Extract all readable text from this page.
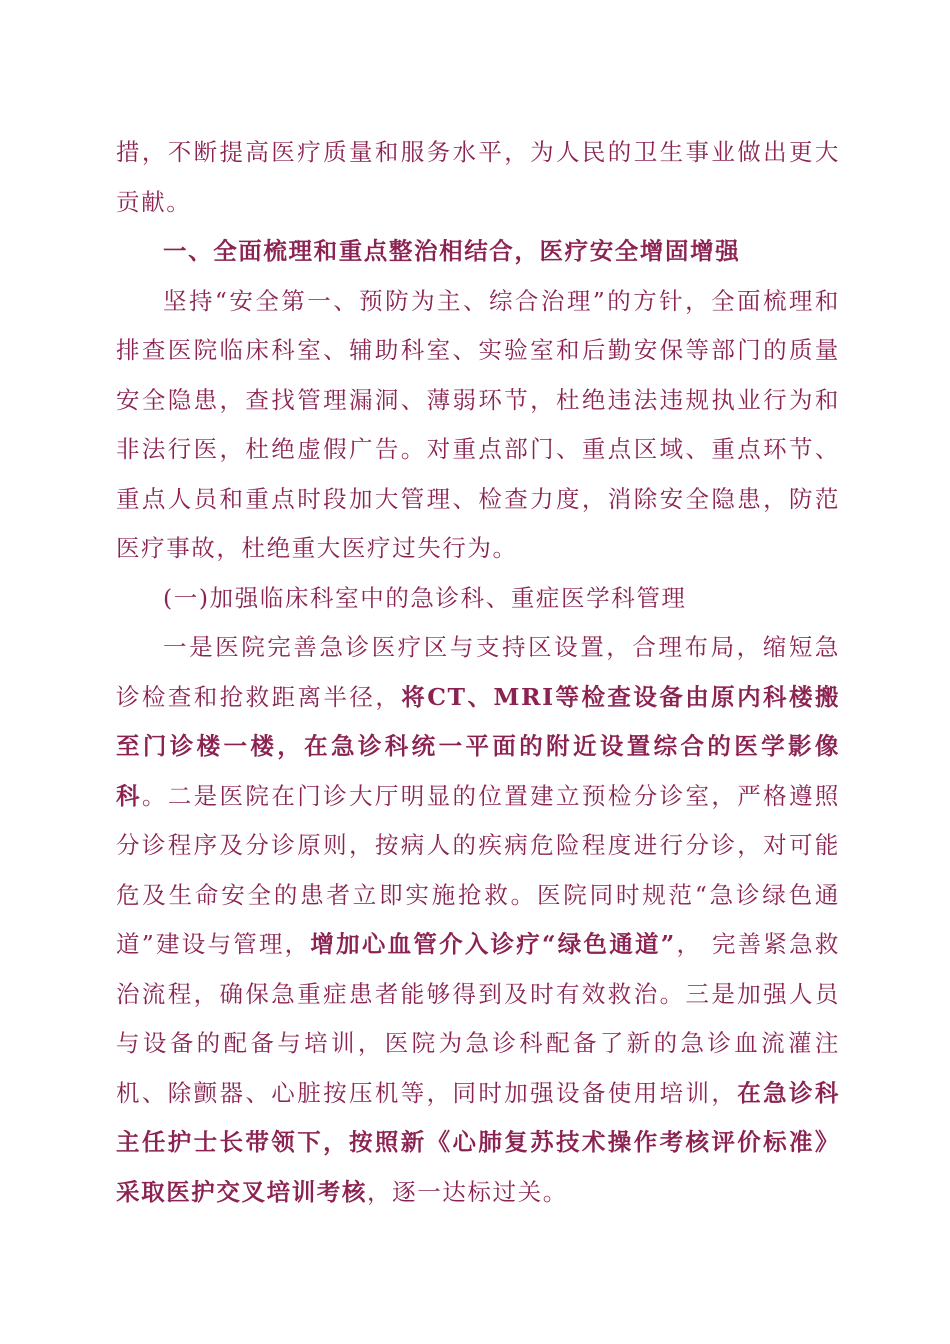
措，不断提高医疗质量和服务水平，为人民的卫生事业做出更大贡献。

一、全面梳理和重点整治相结合，医疗安全增固增强

坚持“安全第一、预防为主、综合治理”的方针，全面梳理和排查医院临床科室、辅助科室、实验室和后勤安保等部门的质量安全隐患，查找管理漏洞、薄弱环节，杜绝违法违规执业行为和非法行医，杜绝虚假广告。对重点部门、重点区域、重点环节、重点人员和重点时段加大管理、检查力度，消除安全隐患，防范医疗事故，杜绝重大医疗过失行为。

(一)加强临床科室中的急诊科、重症医学科管理

一是医院完善急诊医疗区与支持区设置，合理布局，缩短急诊检查和抢救距离半径，将CT、MRI等检查设备由原内科楼搬至门诊楼一楼，在急诊科统一平面的附近设置综合的医学影像科。二是医院在门诊大厅明显的位置建立预检分诊室，严格遵照分诊程序及分诊原则，按病人的疾病危险程度进行分诊，对可能危及生命安全的患者立即实施抢救。医院同时规范“急诊绿色通道”建设与管理，增加心血管介入诊疗“绿色通道”， 完善紧急救治流程，确保急重症患者能够得到及时有效救治。三是加强人员与设备的配备与培训，医院为急诊科配备了新的急诊血流灌注机、除颤器、心脏按压机等，同时加强设备使用培训，在急诊科主任护士长带领下，按照新《心肺复苏技术操作考核评价标准》采取医护交叉培训考核，逐一达标过关。
